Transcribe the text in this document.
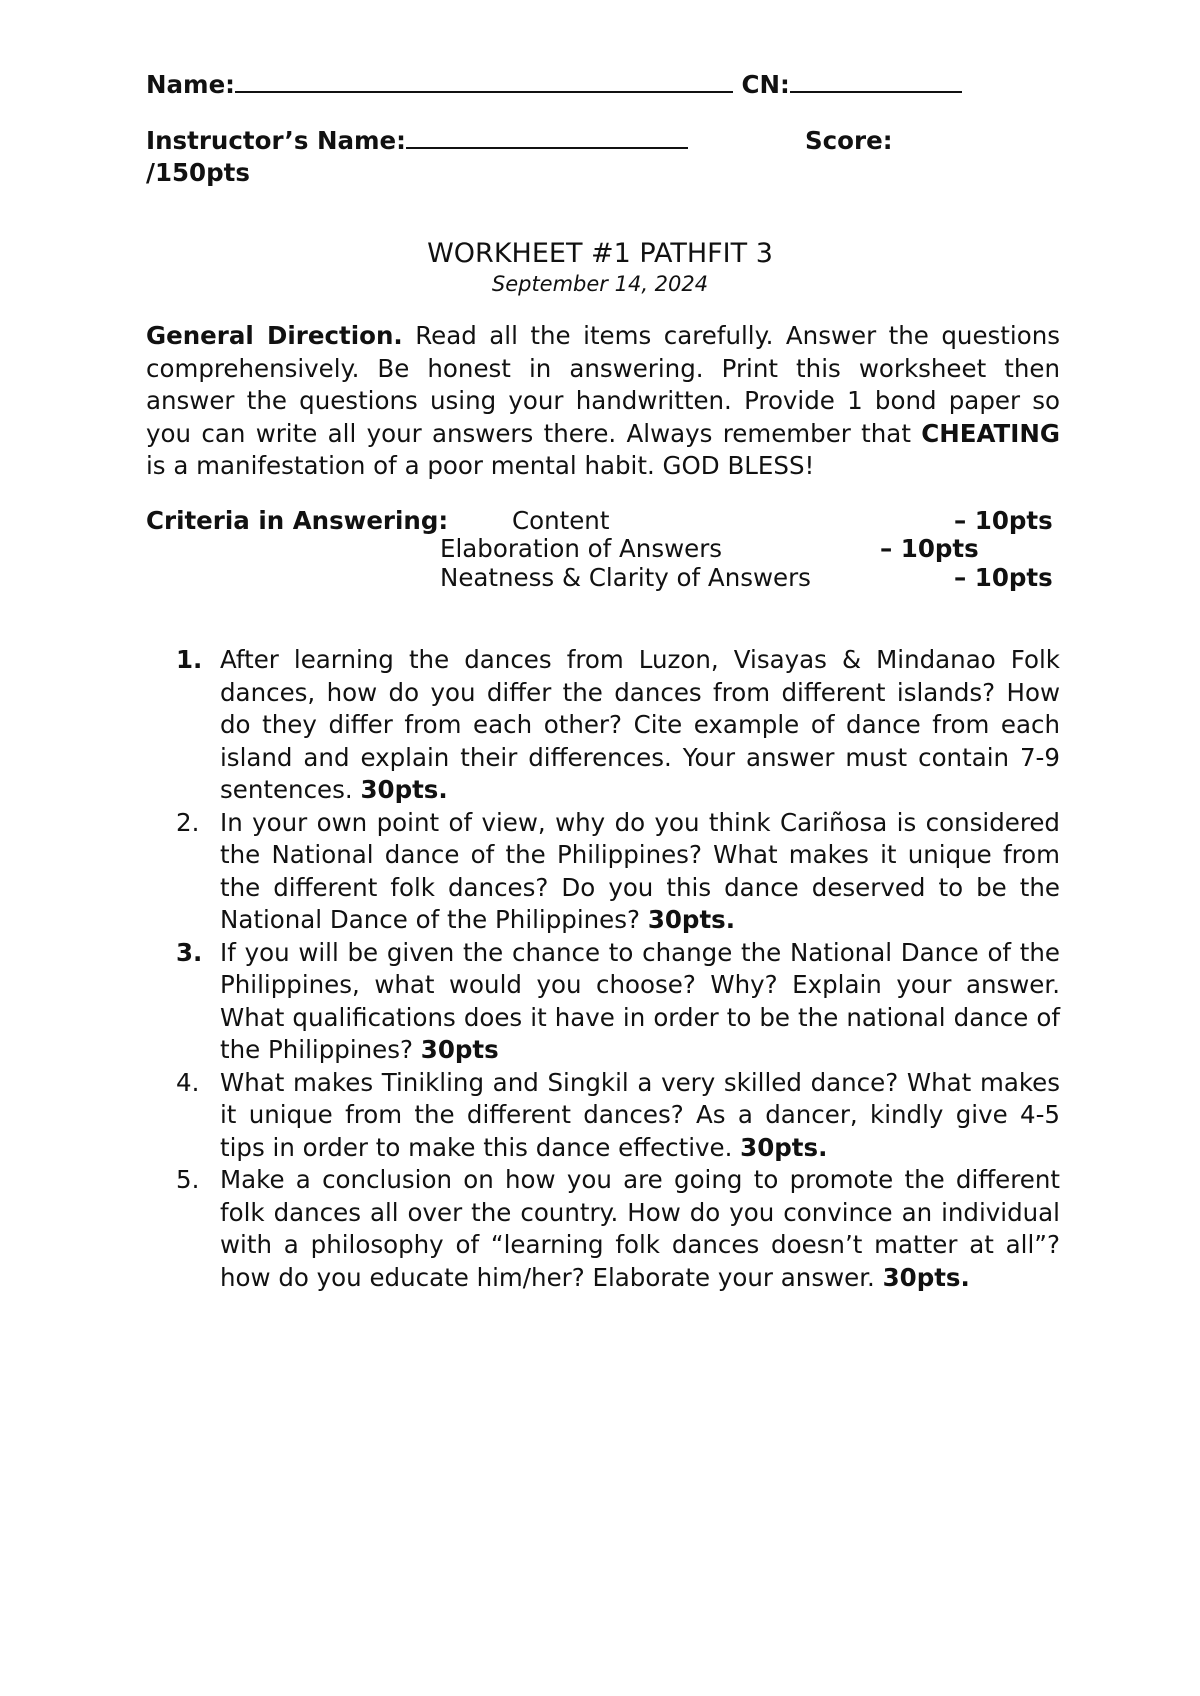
Name:	CN:
Instructor’s Name:	Score:
/150pts
WORKHEET #1 PATHFIT 3
September 14, 2024
General Direction. Read all the items carefully. Answer the questions comprehensively. Be honest in answering. Print this worksheet then answer the questions using your handwritten. Provide 1 bond paper so you can write all your answers there. Always remember that CHEATING is a manifestation of a poor mental habit. GOD BLESS!
Criteria in Answering:	Content	– 10pts
Elaboration of Answers	– 10pts
Neatness & Clarity of Answers	– 10pts
1. After learning the dances from Luzon, Visayas & Mindanao Folk dances, how do you differ the dances from different islands? How do they differ from each other? Cite example of dance from each island and explain their differences. Your answer must contain 7-9 sentences. 30pts.
2. In your own point of view, why do you think Cariñosa is considered the National dance of the Philippines? What makes it unique from the different folk dances? Do you this dance deserved to be the National Dance of the Philippines? 30pts.
3. If you will be given the chance to change the National Dance of the Philippines, what would you choose? Why? Explain your answer. What qualifications does it have in order to be the national dance of the Philippines? 30pts
4. What makes Tinikling and Singkil a very skilled dance? What makes it unique from the different dances? As a dancer, kindly give 4-5 tips in order to make this dance effective. 30pts.
5. Make a conclusion on how you are going to promote the different folk dances all over the country. How do you convince an individual with a philosophy of “learning folk dances doesn’t matter at all”? how do you educate him/her? Elaborate your answer. 30pts.
